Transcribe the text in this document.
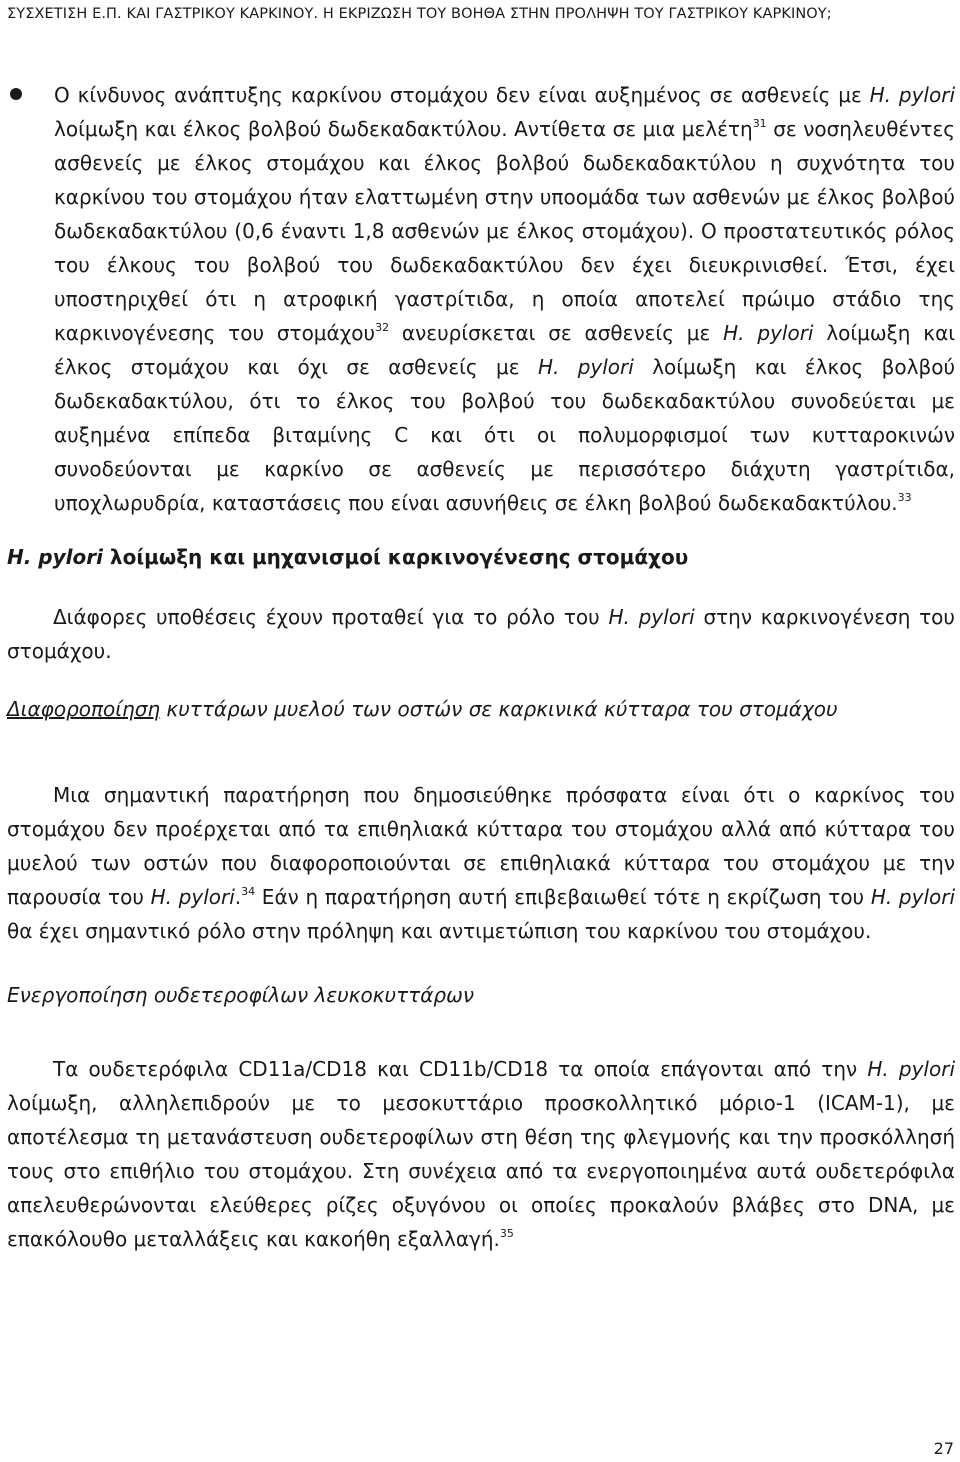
ΣΥΣΧΕΤΙΣΗ Ε.Π. ΚΑΙ ΓΑΣΤΡΙΚΟΥ ΚΑΡΚΙΝΟΥ. Η ΕΚΡΙΖΩΣΗ ΤΟΥ ΒΟΗΘΑ ΣΤΗΝ ΠΡΟΛΗΨΗ ΤΟΥ ΓΑΣΤΡΙΚΟΥ ΚΑΡΚΙΝΟΥ;
Ο κίνδυνος ανάπτυξης καρκίνου στομάχου δεν είναι αυξημένος σε ασθενείς με Η. pylori λοίμωξη και έλκος βολβού δωδεκαδακτύλου. Αντίθετα σε μια μελέτη$^{31}$ σε νοσηλευθέντες ασθενείς με έλκος στομάχου και έλκος βολβού δωδεκαδακτύλου η συχνότητα του καρκίνου του στομάχου ήταν ελαττωμένη στην υποομάδα των ασθενών με έλκος βολβού δωδεκαδακτύλου (0,6 έναντι 1,8 ασθενών με έλκος στομάχου). Ο προστατευτικός ρόλος του έλκους του βολβού του δωδεκαδακτύλου δεν έχει διευκρινισθεί. Έτσι, έχει υποστηριχθεί ότι η ατροφική γαστρίτιδα, η οποία αποτελεί πρώιμο στάδιο της καρκινογένεσης του στομάχου$^{32}$ ανευρίσκεται σε ασθενείς με Η. pylori λοίμωξη και έλκος στομάχου και όχι σε ασθενείς με Η. pylori λοίμωξη και έλκος βολβού δωδεκαδακτύλου, ότι το έλκος του βολβού του δωδεκαδακτύλου συνοδεύεται με αυξημένα επίπεδα βιταμίνης C και ότι οι πολυμορφισμοί των κυτταροκινών συνοδεύονται με καρκίνο σε ασθενείς με περισσότερο διάχυτη γαστρίτιδα, υποχλωρυδρία, καταστάσεις που είναι ασυνήθεις σε έλκη βολβού δωδεκαδακτύλου.$^{33}$
Η. pylori λοίμωξη και μηχανισμοί καρκινογένεσης στομάχου

Διάφορες υποθέσεις έχουν προταθεί για το ρόλο του Η. pylori στην καρκινογένεση του στομάχου.

Διαφοροποίηση κυττάρων μυελού των οστών σε καρκινικά κύτταρα του στομάχου

Μια σημαντική παρατήρηση που δημοσιεύθηκε πρόσφατα είναι ότι ο καρκίνος του στομάχου δεν προέρχεται από τα επιθηλιακά κύτταρα του στομάχου αλλά από κύτταρα του μυελού των οστών που διαφοροποιούνται σε επιθηλιακά κύτταρα του στομάχου με την παρουσία του Η. pylori.$^{34}$ Εάν η παρατήρηση αυτή επιβεβαιωθεί τότε η εκρίζωση του Η. pylori θα έχει σημαντικό ρόλο στην πρόληψη και αντιμετώπιση του καρκίνου του στομάχου.

Ενεργοποίηση ουδετεροφίλων λευκοκυττάρων

Τα ουδετερόφιλα CD11a/CD18 και CD11b/CD18 τα οποία επάγονται από την Η. pylori λοίμωξη, αλληλεπιδρούν με το μεσοκυττάριο προσκολλητικό μόριο-1 (ICAM-1), με αποτέλεσμα τη μετανάστευση ουδετεροφίλων στη θέση της φλεγμονής και την προσκόλλησή τους στο επιθήλιο του στομάχου. Στη συνέχεια από τα ενεργοποιημένα αυτά ουδετερόφιλα απελευθερώνονται ελεύθερες ρίζες οξυγόνου οι οποίες προκαλούν βλάβες στο DNA, με επακόλουθο μεταλλάξεις και κακοήθη εξαλλαγή.$^{35}$

27
